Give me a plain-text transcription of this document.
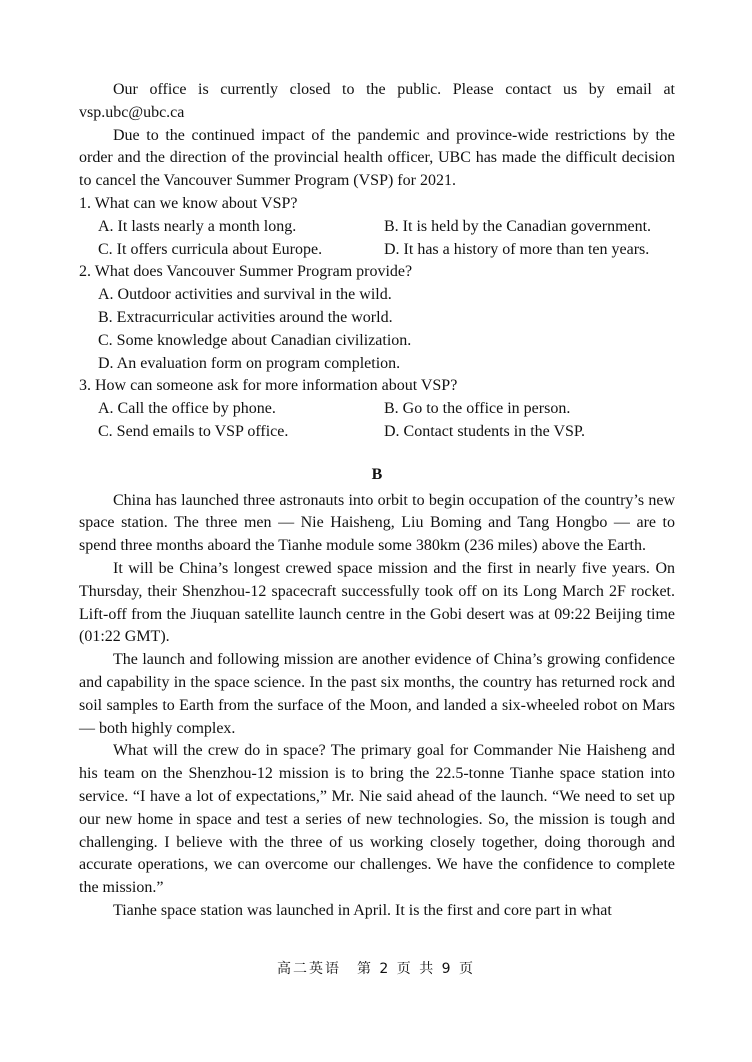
Our office is currently closed to the public. Please contact us by email at vsp.ubc@ubc.ca

Due to the continued impact of the pandemic and province-wide restrictions by the order and the direction of the provincial health officer, UBC has made the difficult decision to cancel the Vancouver Summer Program (VSP) for 2021.

1. What can we know about VSP?

A. It lasts nearly a month long.	B. It is held by the Canadian government.
C. It offers curricula about Europe.	D. It has a history of more than ten years.

2. What does Vancouver Summer Program provide?

A. Outdoor activities and survival in the wild.

B. Extracurricular activities around the world.

C. Some knowledge about Canadian civilization.

D. An evaluation form on program completion.

3. How can someone ask for more information about VSP?

A. Call the office by phone.	B. Go to the office in person.
C. Send emails to VSP office.	D. Contact students in the VSP.

B

China has launched three astronauts into orbit to begin occupation of the country’s new space station. The three men — Nie Haisheng, Liu Boming and Tang Hongbo — are to spend three months aboard the Tianhe module some 380km (236 miles) above the Earth.

It will be China’s longest crewed space mission and the first in nearly five years. On Thursday, their Shenzhou-12 spacecraft successfully took off on its Long March 2F rocket. Lift-off from the Jiuquan satellite launch centre in the Gobi desert was at 09:22 Beijing time (01:22 GMT).

The launch and following mission are another evidence of China’s growing confidence and capability in the space science. In the past six months, the country has returned rock and soil samples to Earth from the surface of the Moon, and landed a six-wheeled robot on Mars — both highly complex.

What will the crew do in space? The primary goal for Commander Nie Haisheng and his team on the Shenzhou-12 mission is to bring the 22.5-tonne Tianhe space station into service. “I have a lot of expectations,” Mr. Nie said ahead of the launch. “We need to set up our new home in space and test a series of new technologies. So, the mission is tough and challenging. I believe with the three of us working closely together, doing thorough and accurate operations, we can overcome our challenges. We have the confidence to complete the mission.”

Tianhe space station was launched in April. It is the first and core part in what

高二英语　第 2 页 共 9 页
